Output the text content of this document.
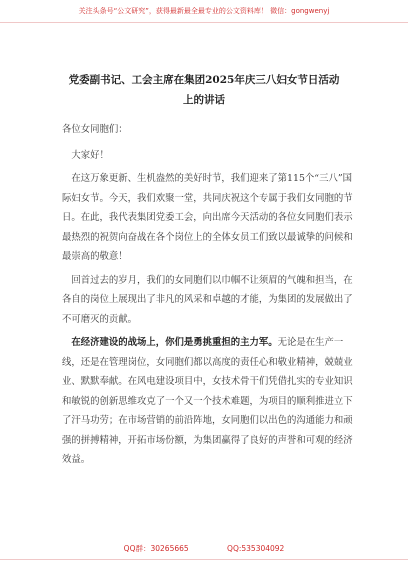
关注头条号“公文研究”，获得最新最全最专业的公文资料库！ 微信：gongwenyj
党委副书记、工会主席在集团2025年庆三八妇女节日活动
上的讲话

各位女同胞们：

大家好！

在这万象更新、生机盎然的美好时节，我们迎来了第115个“三八”国际妇女节。今天，我们欢聚一堂，共同庆祝这个专属于我们女同胞的节日。在此，我代表集团党委工会，向出席今天活动的各位女同胞们表示最热烈的祝贺向奋战在各个岗位上的全体女员工们致以最诚挚的问候和最崇高的敬意！

回首过去的岁月，我们的女同胞们以巾帼不让须眉的气魄和担当，在各自的岗位上展现出了非凡的风采和卓越的才能，为集团的发展做出了不可磨灭的贡献。

在经济建设的战场上，你们是勇挑重担的主力军。无论是在生产一线，还是在管理岗位，女同胞们都以高度的责任心和敬业精神，兢兢业业、默默奉献。在风电建设项目中，女技术骨干们凭借扎实的专业知识和敏锐的创新思维攻克了一个又一个技术难题，为项目的顺利推进立下了汗马功劳；在市场营销的前沿阵地，女同胞们以出色的沟通能力和顽强的拼搏精神，开拓市场份额，为集团赢得了良好的声誉和可观的经济效益。

QQ群：30265665	QQ:535304092
